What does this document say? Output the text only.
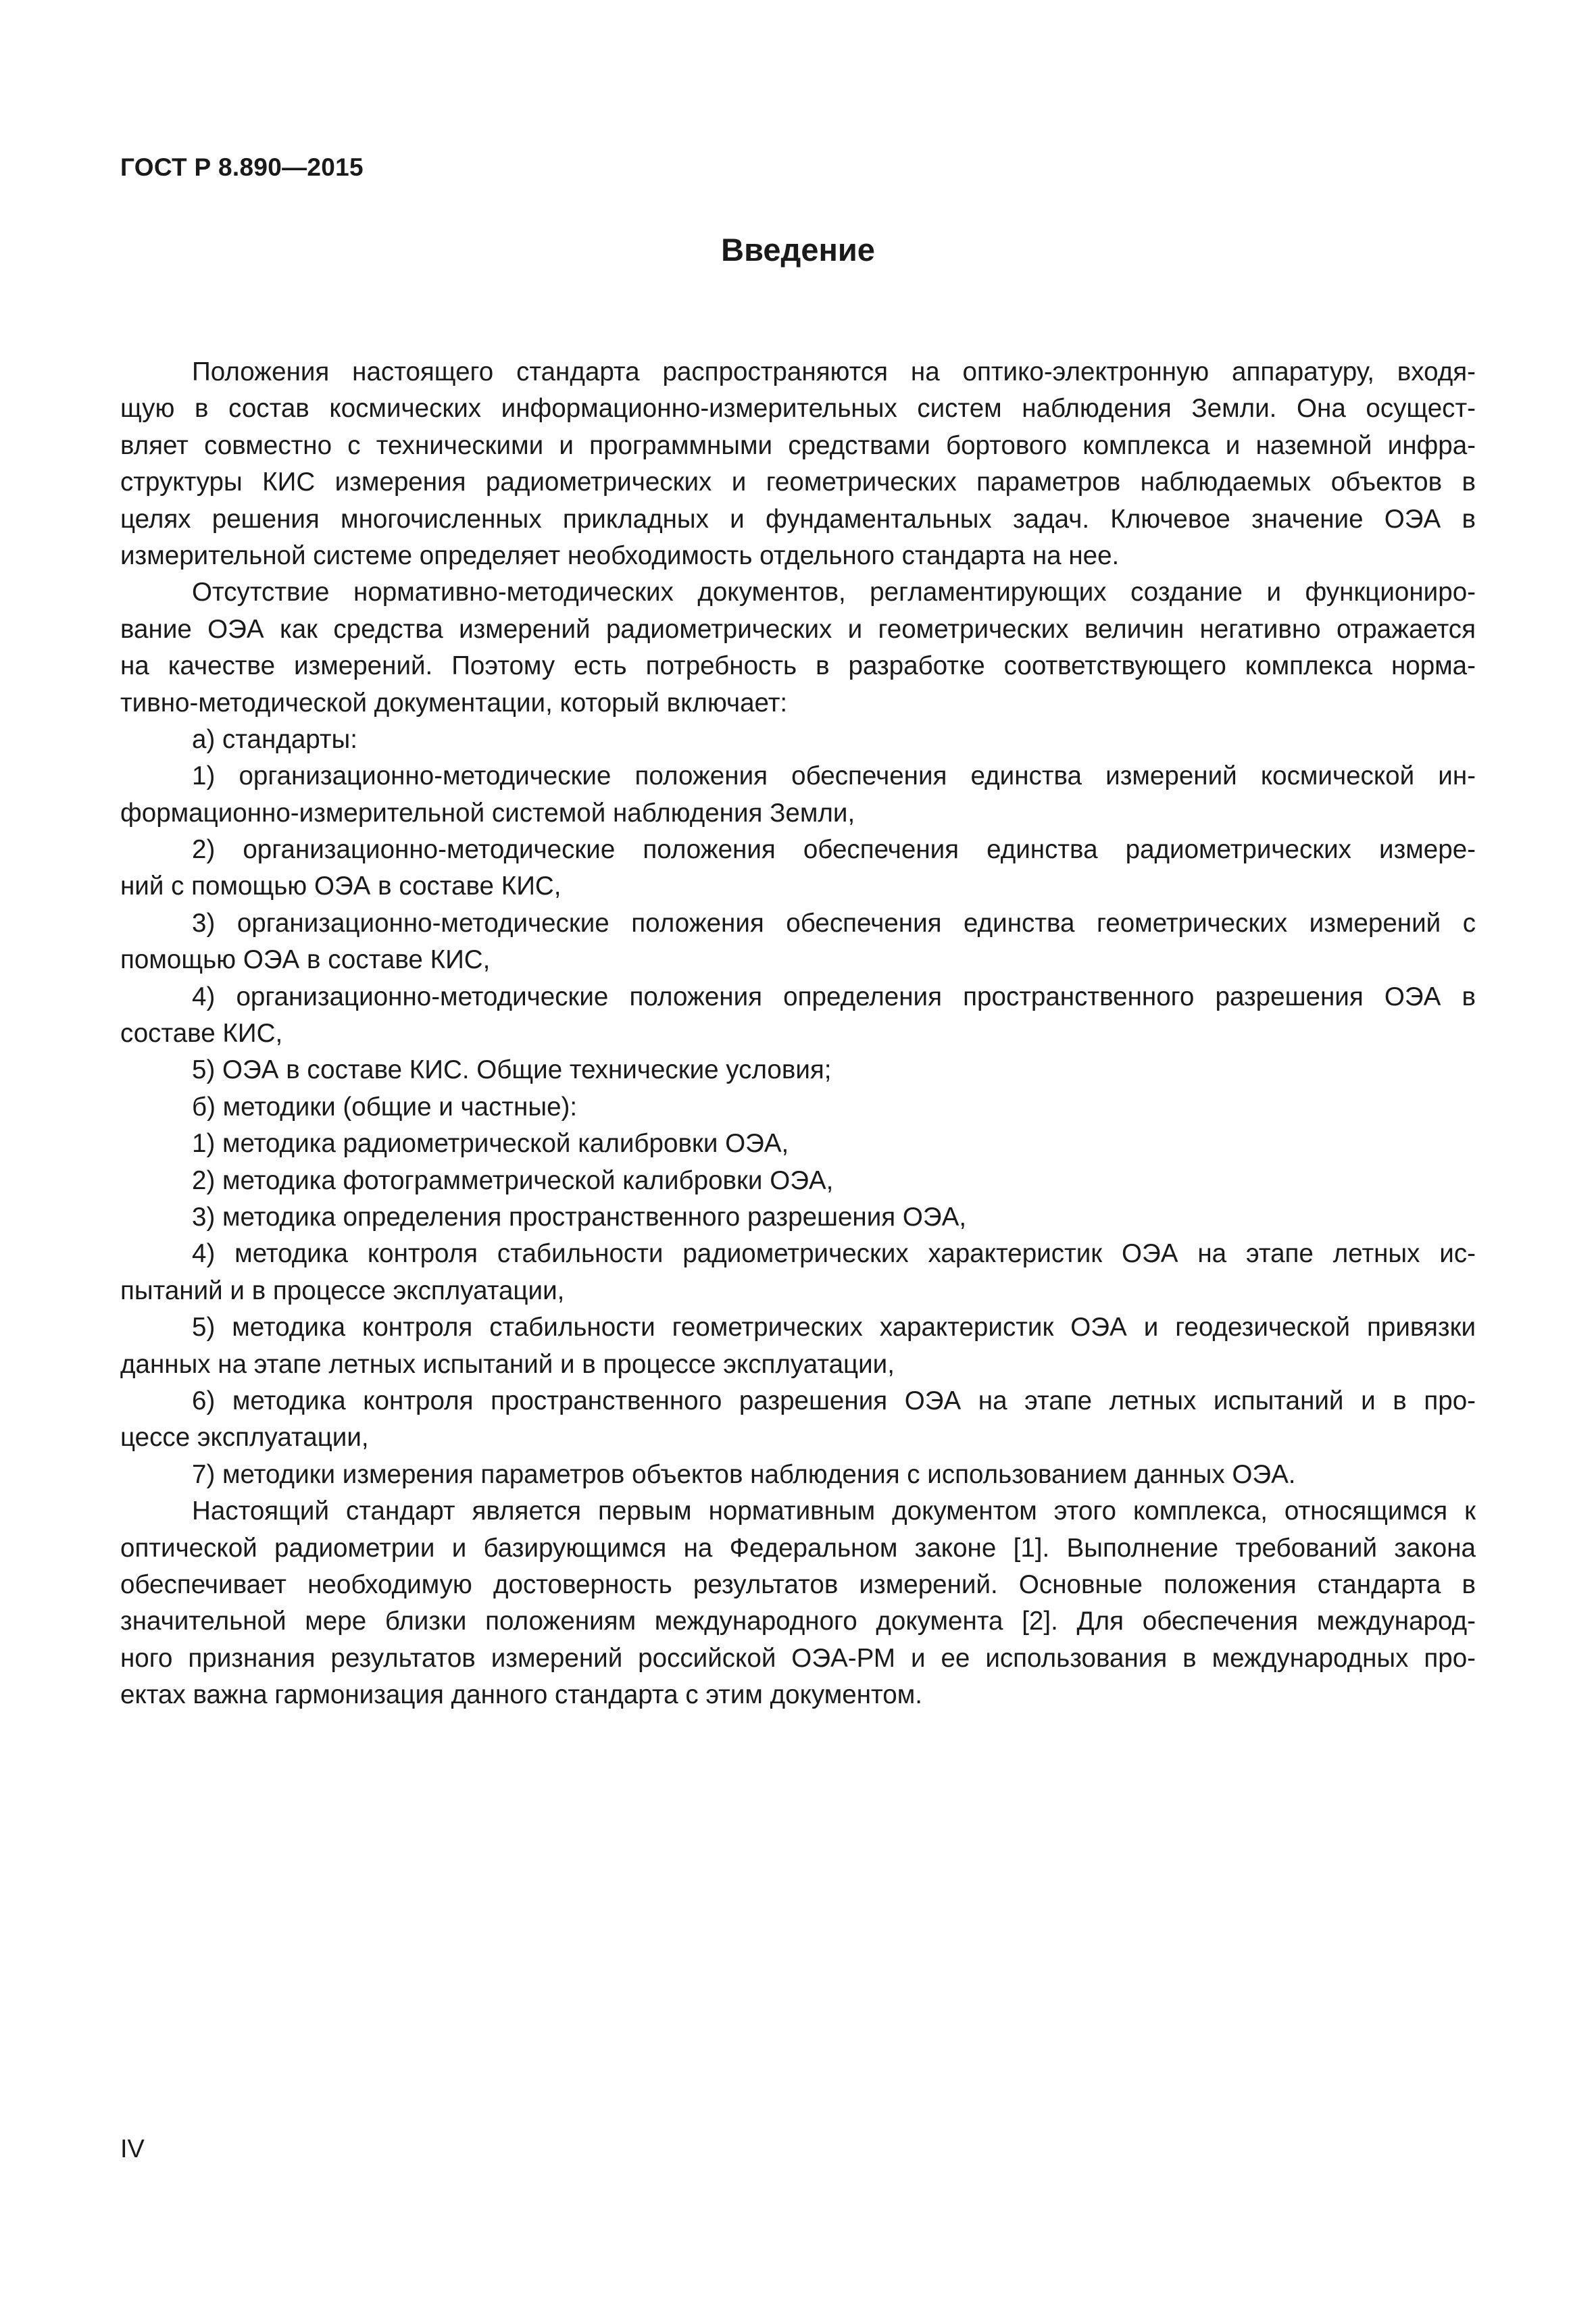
ГОСТ Р 8.890—2015
Введение
Положения настоящего стандарта распространяются на оптико-электронную аппаратуру, входя-
щую в состав космических информационно-измерительных систем наблюдения Земли. Она осущест-
вляет совместно с техническими и программными средствами бортового комплекса и наземной инфра-
структуры КИС измерения радиометрических и геометрических параметров наблюдаемых объектов в
целях решения многочисленных прикладных и фундаментальных задач. Ключевое значение ОЭА в
измерительной системе определяет необходимость отдельного стандарта на нее.
Отсутствие нормативно-методических документов, регламентирующих создание и функциониро-
вание ОЭА как средства измерений радиометрических и геометрических величин негативно отражается
на качестве измерений. Поэтому есть потребность в разработке соответствующего комплекса норма-
тивно-методической документации, который включает:
а) стандарты:
1) организационно-методические положения обеспечения единства измерений космической ин-
формационно-измерительной системой наблюдения Земли,
2) организационно-методические положения обеспечения единства радиометрических измере-
ний с помощью ОЭА в составе КИС,
3) организационно-методические положения обеспечения единства геометрических измерений с
помощью ОЭА в составе КИС,
4) организационно-методические положения определения пространственного разрешения ОЭА в
составе КИС,
5) ОЭА в составе КИС. Общие технические условия;
б) методики (общие и частные):
1) методика радиометрической калибровки ОЭА,
2) методика фотограмметрической калибровки ОЭА,
3) методика определения пространственного разрешения ОЭА,
4) методика контроля стабильности радиометрических характеристик ОЭА на этапе летных ис-
пытаний и в процессе эксплуатации,
5) методика контроля стабильности геометрических характеристик ОЭА и геодезической привязки
данных на этапе летных испытаний и в процессе эксплуатации,
6) методика контроля пространственного разрешения ОЭА на этапе летных испытаний и в про-
цессе эксплуатации,
7) методики измерения параметров объектов наблюдения с использованием данных ОЭА.
Настоящий стандарт является первым нормативным документом этого комплекса, относящимся к
оптической радиометрии и базирующимся на Федеральном законе [1]. Выполнение требований закона
обеспечивает необходимую достоверность результатов измерений. Основные положения стандарта в
значительной мере близки положениям международного документа [2]. Для обеспечения международ-
ного признания результатов измерений российской ОЭА-РМ и ее использования в международных про-
ектах важна гармонизация данного стандарта с этим документом.
IV
